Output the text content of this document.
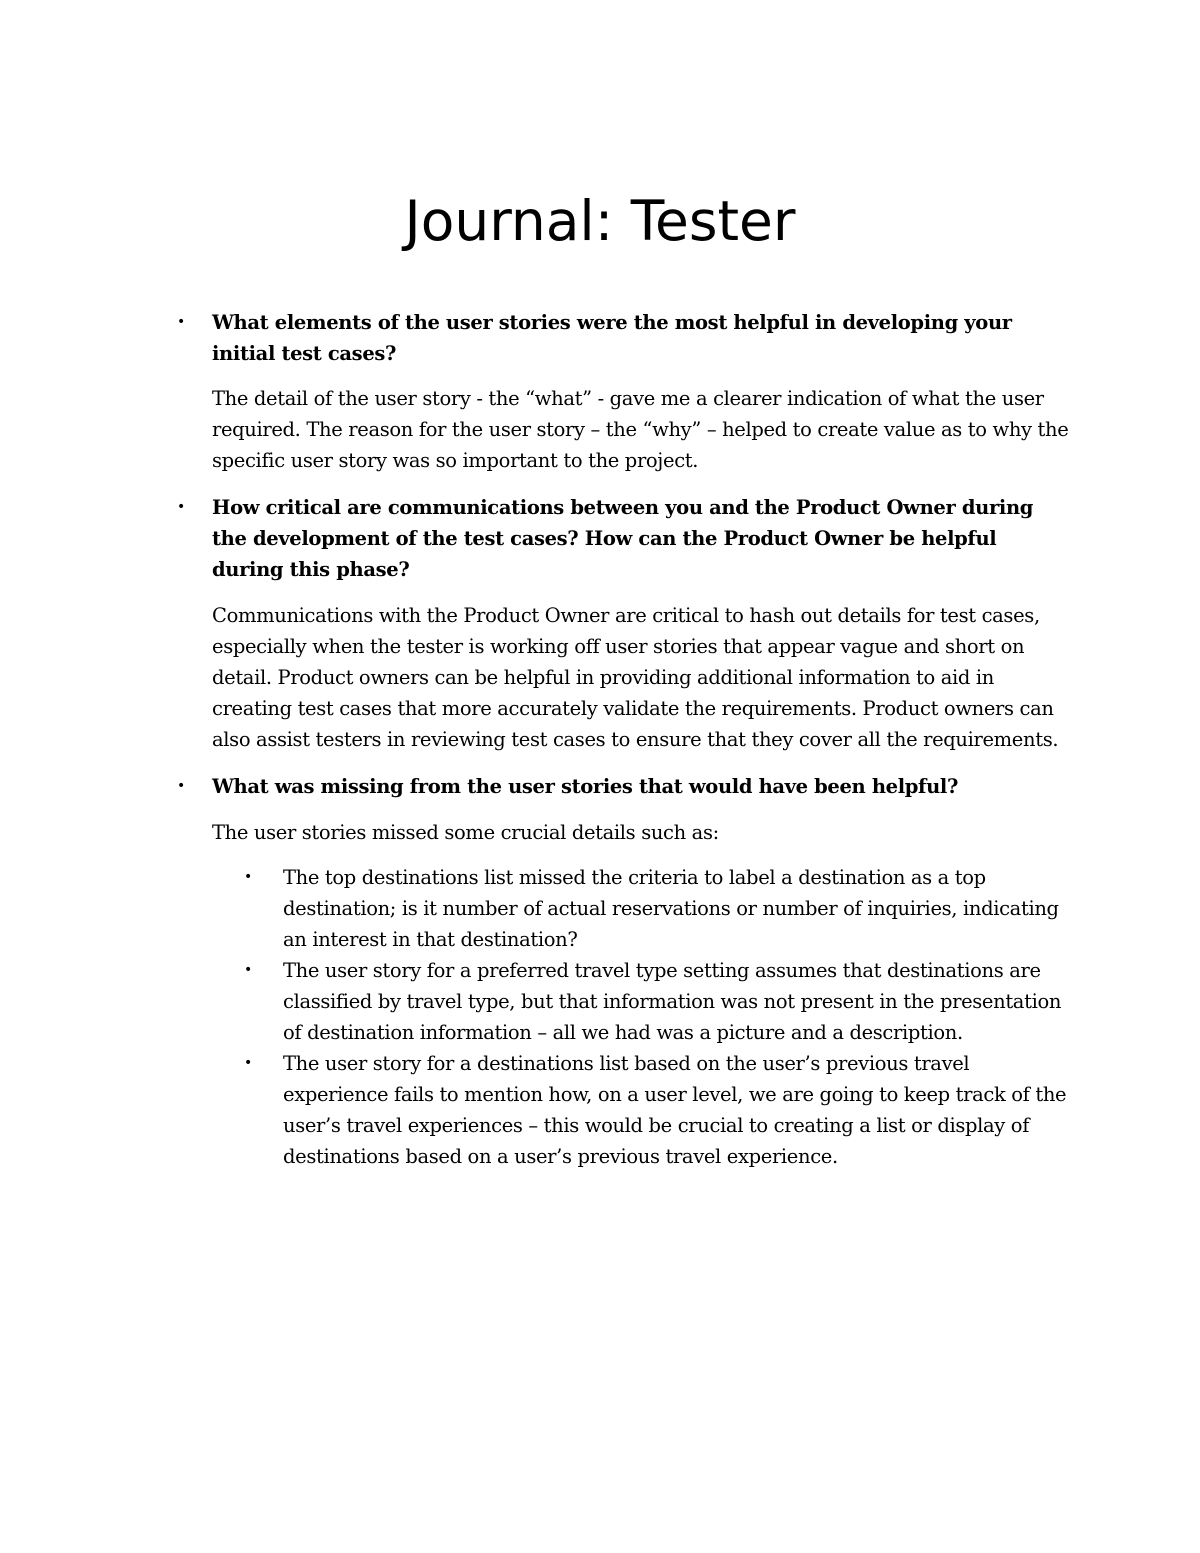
Journal: Tester

• What elements of the user stories were the most helpful in developing your initial test cases?

The detail of the user story - the “what” - gave me a clearer indication of what the user required. The reason for the user story – the “why” – helped to create value as to why the specific user story was so important to the project.

• How critical are communications between you and the Product Owner during the development of the test cases? How can the Product Owner be helpful during this phase?

Communications with the Product Owner are critical to hash out details for test cases, especially when the tester is working off user stories that appear vague and short on detail. Product owners can be helpful in providing additional information to aid in creating test cases that more accurately validate the requirements. Product owners can also assist testers in reviewing test cases to ensure that they cover all the requirements.

• What was missing from the user stories that would have been helpful?

The user stories missed some crucial details such as:

• The top destinations list missed the criteria to label a destination as a top destination; is it number of actual reservations or number of inquiries, indicating an interest in that destination?
• The user story for a preferred travel type setting assumes that destinations are classified by travel type, but that information was not present in the presentation of destination information – all we had was a picture and a description.
• The user story for a destinations list based on the user’s previous travel experience fails to mention how, on a user level, we are going to keep track of the user’s travel experiences – this would be crucial to creating a list or display of destinations based on a user’s previous travel experience.
